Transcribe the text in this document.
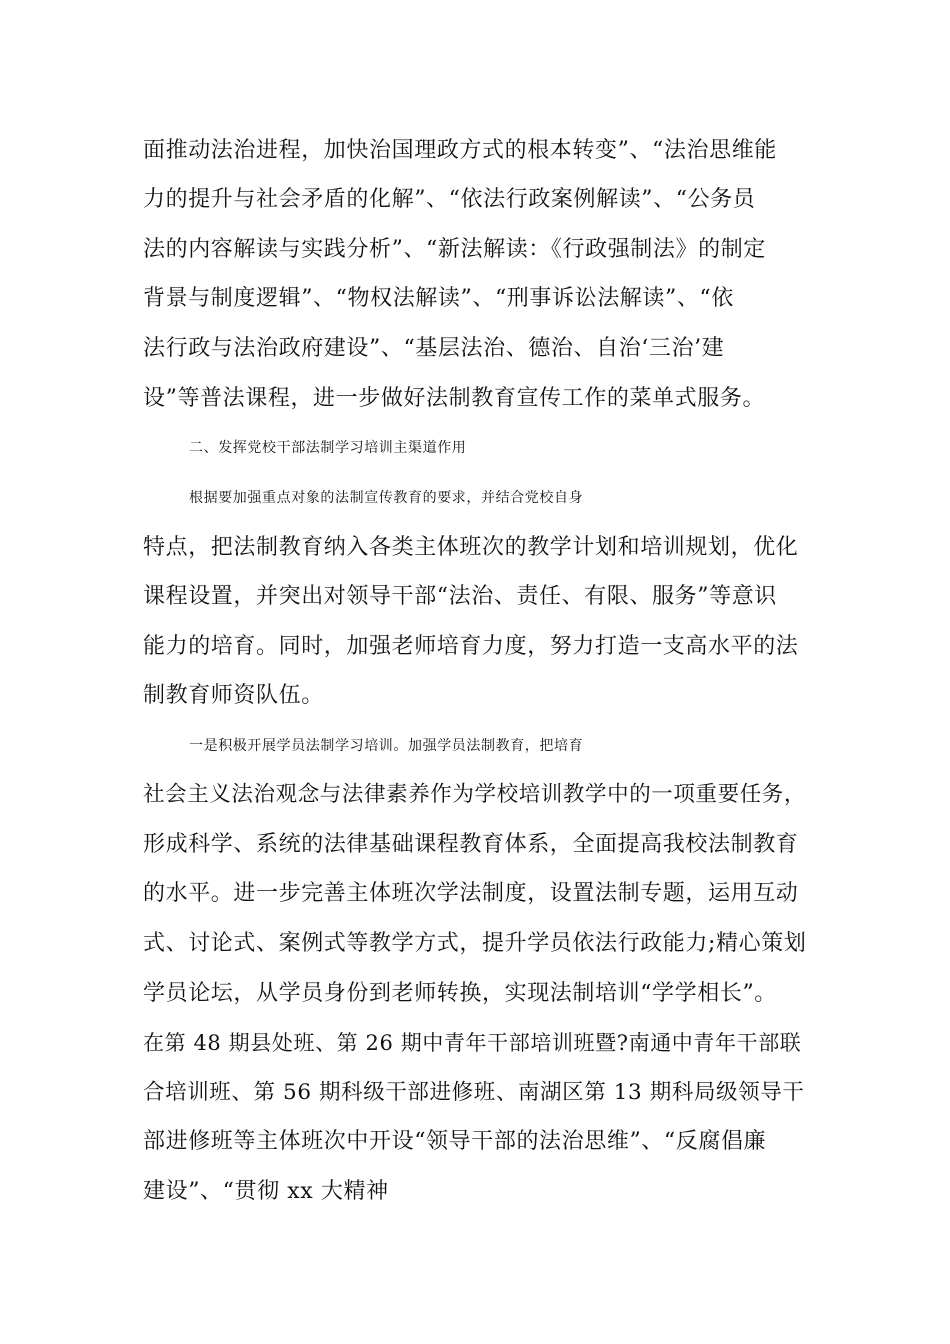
面推动法治进程，加快治国理政方式的根本转变”、“法治思维能
力的提升与社会矛盾的化解”、“依法行政案例解读”、“公务员
法的内容解读与实践分析”、“新法解读：《行政强制法》的制定
背景与制度逻辑”、“物权法解读”、“刑事诉讼法解读”、“依
法行政与法治政府建设”、“基层法治、德治、自治‘三治’建
设”等普法课程，进一步做好法制教育宣传工作的菜单式服务。
二、发挥党校干部法制学习培训主渠道作用
根据要加强重点对象的法制宣传教育的要求，并结合党校自身
特点，把法制教育纳入各类主体班次的教学计划和培训规划，优化
课程设置，并突出对领导干部“法治、责任、有限、服务”等意识
能力的培育。同时，加强老师培育力度，努力打造一支高水平的法
制教育师资队伍。
一是积极开展学员法制学习培训。加强学员法制教育，把培育
社会主义法治观念与法律素养作为学校培训教学中的一项重要任务，
形成科学、系统的法律基础课程教育体系，全面提高我校法制教育
的水平。进一步完善主体班次学法制度，设置法制专题，运用互动
式、讨论式、案例式等教学方式，提升学员依法行政能力;精心策划
学员论坛，从学员身份到老师转换，实现法制培训“学学相长”。
在第 48 期县处班、第 26 期中青年干部培训班暨?南通中青年干部联
合培训班、第 56 期科级干部进修班、南湖区第 13 期科局级领导干
部进修班等主体班次中开设“领导干部的法治思维”、“反腐倡廉
建设”、“贯彻 xx 大精神
